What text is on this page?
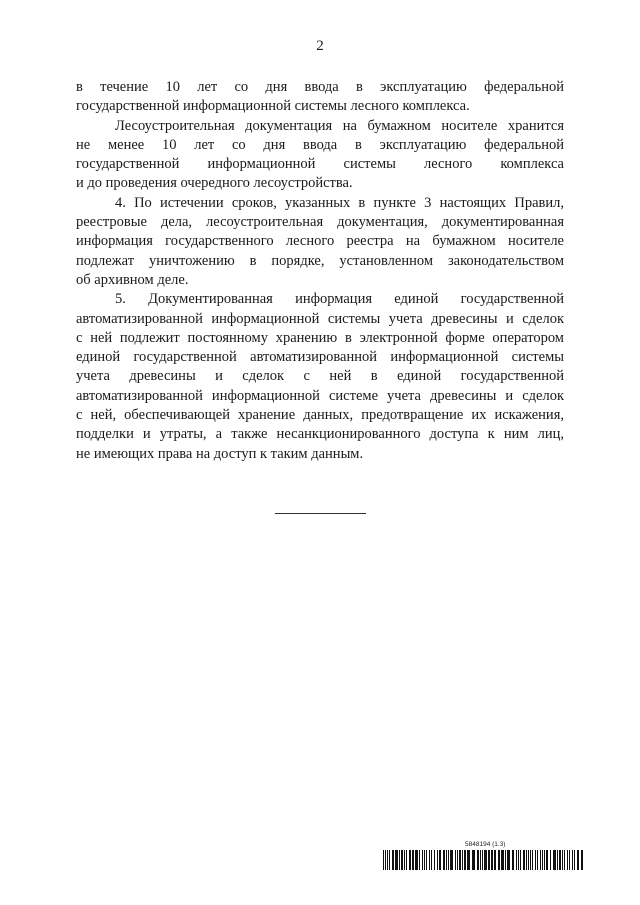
2
в течение 10 лет со дня ввода в эксплуатацию федеральной
государственной информационной системы лесного комплекса.
Лесоустроительная документация на бумажном носителе хранится
не менее 10 лет со дня ввода в эксплуатацию федеральной
государственной информационной системы лесного комплекса
и до проведения очередного лесоустройства.
4. По истечении сроков, указанных в пункте 3 настоящих Правил,
реестровые дела, лесоустроительная документация, документированная
информация государственного лесного реестра на бумажном носителе
подлежат уничтожению в порядке, установленном законодательством
об архивном деле.
5. Документированная информация единой государственной
автоматизированной информационной системы учета древесины и сделок
с ней подлежит постоянному хранению в электронной форме оператором
единой государственной автоматизированной информационной системы
учета древесины и сделок с ней в единой государственной
автоматизированной информационной системе учета древесины и сделок
с ней, обеспечивающей хранение данных, предотвращение их искажения,
подделки и утраты, а также несанкционированного доступа к ним лиц,
не имеющих права на доступ к таким данным.
5848194 (1.3)
